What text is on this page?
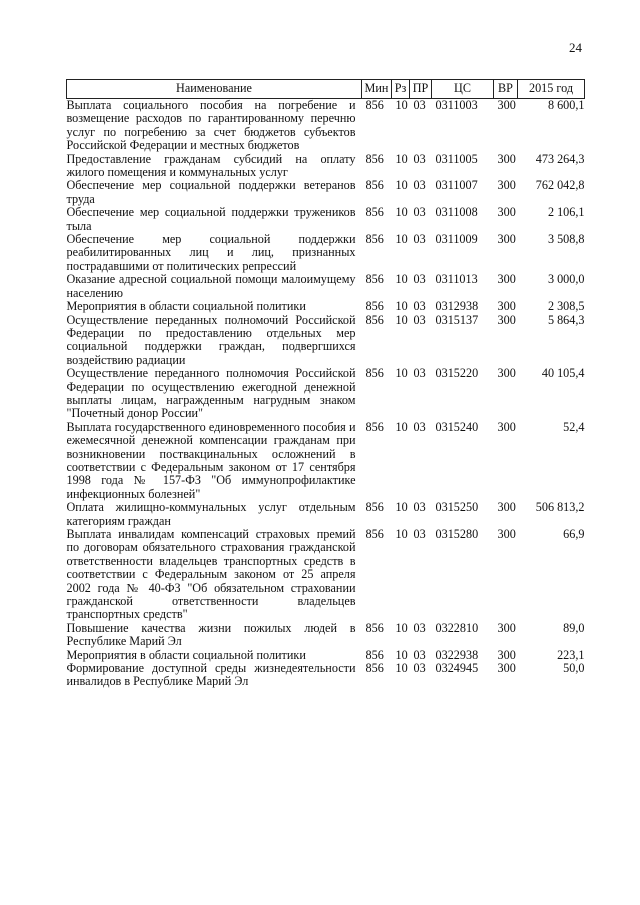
24
Наименование	Мин	Рз	ПР	ЦС	ВР	2015 год
Выплата социального пособия на погребение и возмещение расходов по гарантированному перечню услуг по погребению за счет бюджетов субъектов Российской Федерации и местных бюджетов	856	10	03	0311003	300	8 600,1
Предоставление гражданам субсидий на оплату жилого помещения и коммунальных услуг	856	10	03	0311005	300	473 264,3
Обеспечение мер социальной поддержки ветеранов труда	856	10	03	0311007	300	762 042,8
Обеспечение мер социальной поддержки тружеников тыла	856	10	03	0311008	300	2 106,1
Обеспечение мер социальной поддержки реабилитированных лиц и лиц, признанных пострадавшими от политических репрессий	856	10	03	0311009	300	3 508,8
Оказание адресной социальной помощи малоимущему населению	856	10	03	0311013	300	3 000,0
Мероприятия в области социальной политики	856	10	03	0312938	300	2 308,5
Осуществление переданных полномочий Российской Федерации по предоставлению отдельных мер социальной поддержки граждан, подвергшихся воздействию радиации	856	10	03	0315137	300	5 864,3
Осуществление переданного полномочия Российской Федерации по осуществлению ежегодной денежной выплаты лицам, награжденным нагрудным знаком "Почетный донор России"	856	10	03	0315220	300	40 105,4
Выплата государственного единовременного пособия и ежемесячной денежной компенсации гражданам при возникновении поствакцинальных осложнений в соответствии с Федеральным законом от 17 сентября 1998 года № 157-ФЗ "Об иммунопрофилактике инфекционных болезней"	856	10	03	0315240	300	52,4
Оплата жилищно-коммунальных услуг отдельным категориям граждан	856	10	03	0315250	300	506 813,2
Выплата инвалидам компенсаций страховых премий по договорам обязательного страхования гражданской ответственности владельцев транспортных средств в соответствии с Федеральным законом от 25 апреля 2002 года № 40-ФЗ "Об обязательном страховании гражданской ответственности владельцев транспортных средств"	856	10	03	0315280	300	66,9
Повышение качества жизни пожилых людей в Республике Марий Эл	856	10	03	0322810	300	89,0
Мероприятия в области социальной политики	856	10	03	0322938	300	223,1
Формирование доступной среды жизнедеятельности инвалидов в Республике Марий Эл	856	10	03	0324945	300	50,0
